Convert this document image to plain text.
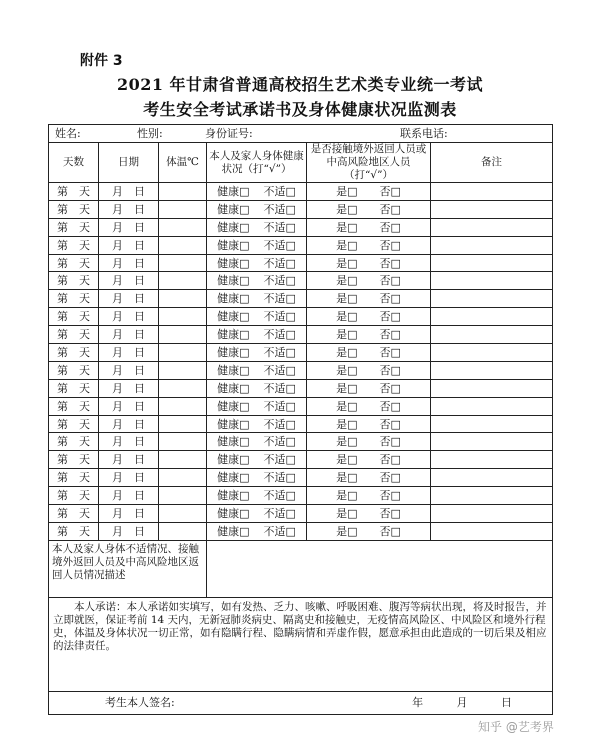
附件 3
2021 年甘肃省普通高校招生艺术类专业统一考试
考生安全考试承诺书及身体健康状况监测表
姓名: 性别: 身份证号: 联系电话:					

天数	日期	体温℃	本人及家人身体健康状况（打“√”）	是否接触境外返回人员或中高风险地区人员（打“√”）	备注
第　天	月　日		健康□ 不适□	是□ 否□	
第　天	月　日		健康□ 不适□	是□ 否□	
第　天	月　日		健康□ 不适□	是□ 否□	
第　天	月　日		健康□ 不适□	是□ 否□	
第　天	月　日		健康□ 不适□	是□ 否□	
第　天	月　日		健康□ 不适□	是□ 否□	
第　天	月　日		健康□ 不适□	是□ 否□	
第　天	月　日		健康□ 不适□	是□ 否□	
第　天	月　日		健康□ 不适□	是□ 否□	
第　天	月　日		健康□ 不适□	是□ 否□	
第　天	月　日		健康□ 不适□	是□ 否□	
第　天	月　日		健康□ 不适□	是□ 否□	
第　天	月　日		健康□ 不适□	是□ 否□	
第　天	月　日		健康□ 不适□	是□ 否□	
第　天	月　日		健康□ 不适□	是□ 否□	
第　天	月　日		健康□ 不适□	是□ 否□	
第　天	月　日		健康□ 不适□	是□ 否□	
第　天	月　日		健康□ 不适□	是□ 否□	
第　天	月　日		健康□ 不适□	是□ 否□	
第　天	月　日		健康□ 不适□	是□ 否□	
本人及家人身体不适情况、接触境外返回人员及中高风险地区返回人员情况描述					
　　本人承诺：本人承诺如实填写，如有发热、乏力、咳嗽、呼吸困难、腹泻等病状出现，将及时报告，并立即就医，保证考前 14 天内，无新冠肺炎病史、隔离史和接触史，无疫情高风险区、中风险区和境外行程史，体温及身体状况一切正常，如有隐瞒行程、隐瞒病情和弄虚作假，愿意承担由此造成的一切后果及相应的法律责任。					

考生本人签名: 年 月 日					
知乎 @艺考界
